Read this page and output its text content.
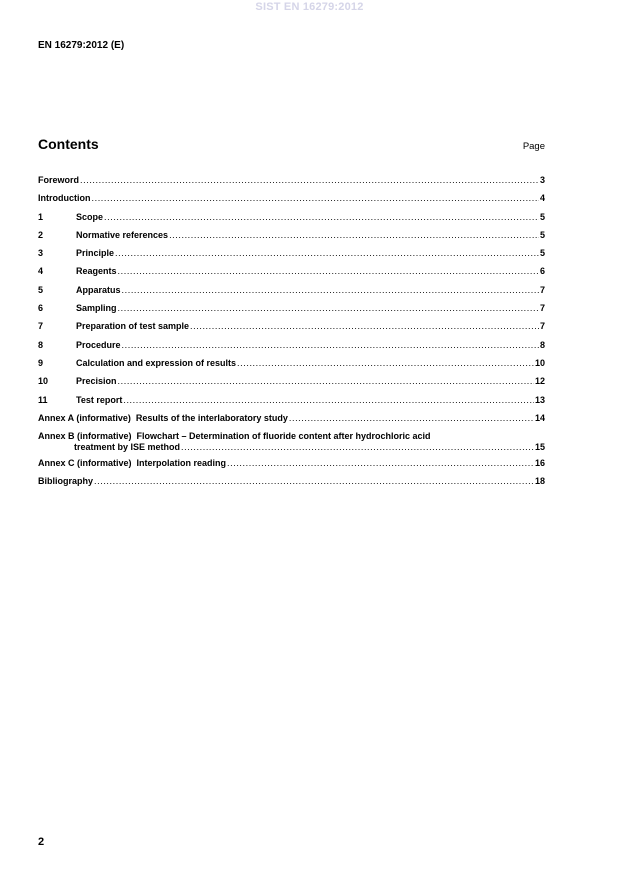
SIST EN 16279:2012
EN 16279:2012 (E)
Contents	Page
Foreword .....	3
Introduction .....	4
1	Scope .....	5
2	Normative references .....	5
3	Principle .....	5
4	Reagents .....	6
5	Apparatus .....	7
6	Sampling .....	7
7	Preparation of test sample .....	7
8	Procedure .....	8
9	Calculation and expression of results .....	10
10	Precision .....	12
11	Test report .....	13
Annex A (informative)  Results of the interlaboratory study .....	14
Annex B (informative)  Flowchart – Determination of fluoride content after hydrochloric acid
treatment by ISE method .....	15
Annex C (informative)  Interpolation reading .....	16
Bibliography .....	18
2
